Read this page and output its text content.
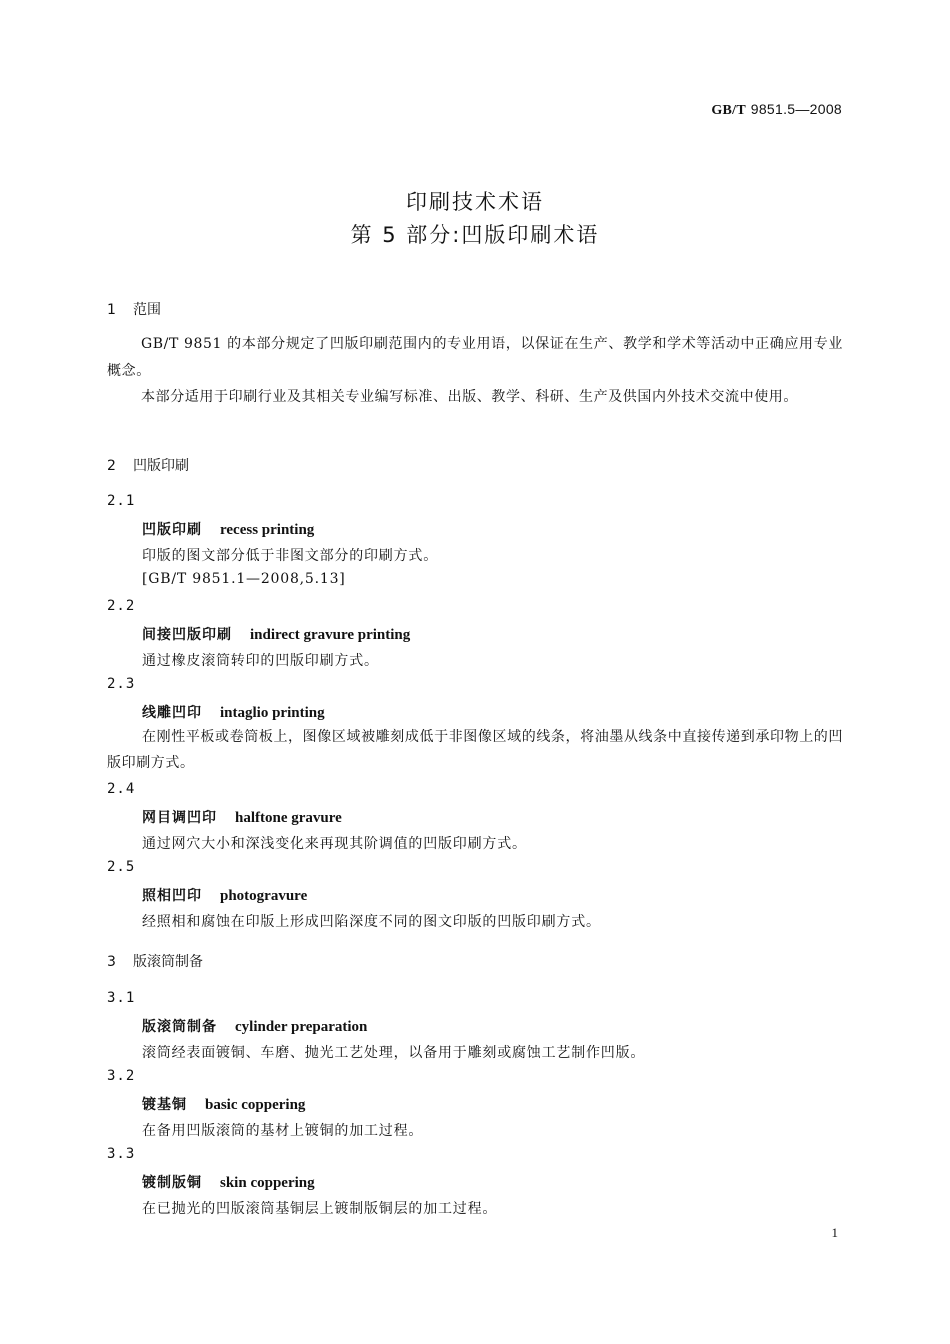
GB/T 9851.5—2008
印刷技术术语
第 5 部分:凹版印刷术语
1 范围
GB/T 9851 的本部分规定了凹版印刷范围内的专业用语，以保证在生产、教学和学术等活动中正确应用专业概念。
本部分适用于印刷行业及其相关专业编写标准、出版、教学、科研、生产及供国内外技术交流中使用。
2 凹版印刷
2.1
凹版印刷 recess printing
印版的图文部分低于非图文部分的印刷方式。
[GB/T 9851.1—2008,5.13]
2.2
间接凹版印刷 indirect gravure printing
通过橡皮滚筒转印的凹版印刷方式。
2.3
线雕凹印 intaglio printing
在刚性平板或卷筒板上，图像区域被雕刻成低于非图像区域的线条，将油墨从线条中直接传递到承印物上的凹版印刷方式。
2.4
网目调凹印 halftone gravure
通过网穴大小和深浅变化来再现其阶调值的凹版印刷方式。
2.5
照相凹印 photogravure
经照相和腐蚀在印版上形成凹陷深度不同的图文印版的凹版印刷方式。
3 版滚筒制备
3.1
版滚筒制备 cylinder preparation
滚筒经表面镀铜、车磨、抛光工艺处理，以备用于雕刻或腐蚀工艺制作凹版。
3.2
镀基铜 basic coppering
在备用凹版滚筒的基材上镀铜的加工过程。
3.3
镀制版铜 skin coppering
在已抛光的凹版滚筒基铜层上镀制版铜层的加工过程。
1
